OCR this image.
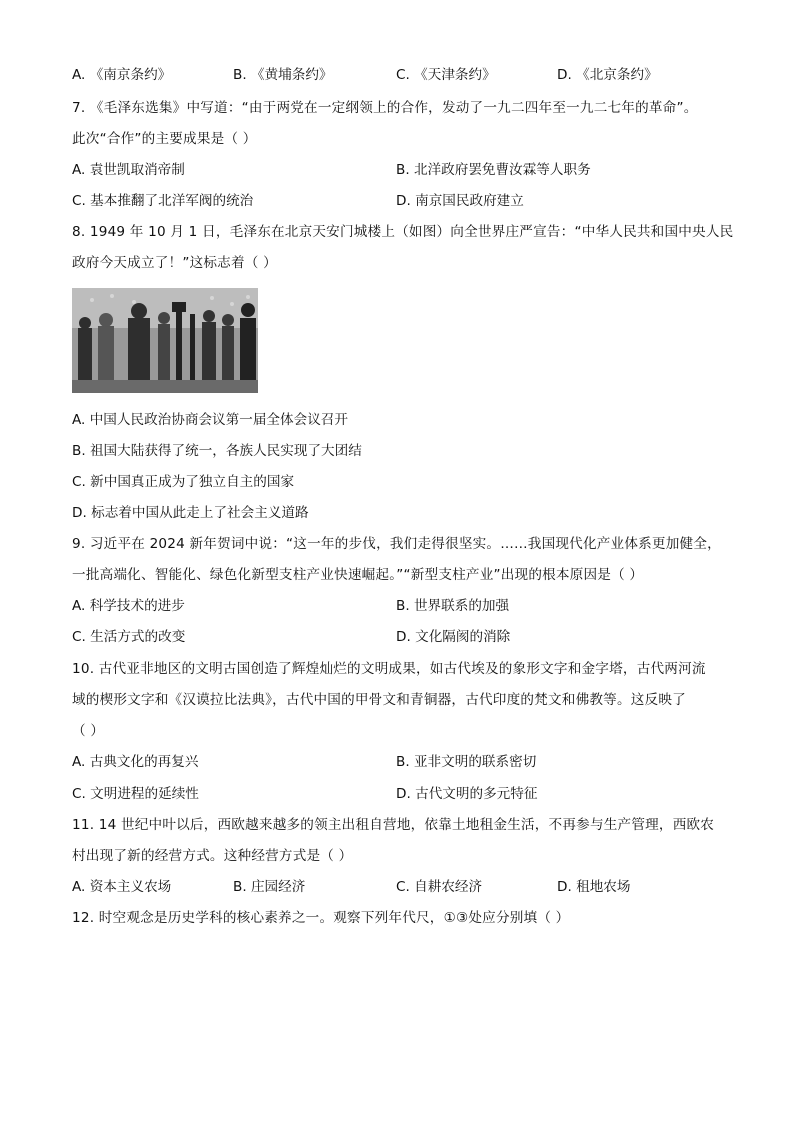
A. 《南京条约》	B. 《黄埔条约》	C. 《天津条约》	D. 《北京条约》
7. 《毛泽东选集》中写道：“由于两党在一定纲领上的合作，发动了一九二四年至一九二七年的革命”。
此次“合作”的主要成果是（ ）
A. 袁世凯取消帝制	B. 北洋政府罢免曹汝霖等人职务
C. 基本推翻了北洋军阀的统治	D. 南京国民政府建立
8. 1949 年 10 月 1 日，毛泽东在北京天安门城楼上（如图）向全世界庄严宣告：“中华人民共和国中央人民
政府今天成立了！”这标志着（ ）
A. 中国人民政治协商会议第一届全体会议召开
B. 祖国大陆获得了统一，各族人民实现了大团结
C. 新中国真正成为了独立自主的国家
D. 标志着中国从此走上了社会主义道路
9. 习近平在 2024 新年贺词中说：“这一年的步伐，我们走得很坚实。……我国现代化产业体系更加健全，
一批高端化、智能化、绿色化新型支柱产业快速崛起。”“新型支柱产业”出现的根本原因是（ ）
A. 科学技术的进步	B. 世界联系的加强
C. 生活方式的改变	D. 文化隔阂的消除
10. 古代亚非地区的文明古国创造了辉煌灿烂的文明成果，如古代埃及的象形文字和金字塔，古代两河流
域的楔形文字和《汉谟拉比法典》，古代中国的甲骨文和青铜器，古代印度的梵文和佛教等。这反映了
（ ）
A. 古典文化的再复兴	B. 亚非文明的联系密切
C. 文明进程的延续性	D. 古代文明的多元特征
11. 14 世纪中叶以后，西欧越来越多的领主出租自营地，依靠土地租金生活，不再参与生产管理，西欧农
村出现了新的经营方式。这种经营方式是（ ）
A. 资本主义农场	B. 庄园经济	C. 自耕农经济	D. 租地农场
12. 时空观念是历史学科的核心素养之一。观察下列年代尺，①③处应分别填（ ）
